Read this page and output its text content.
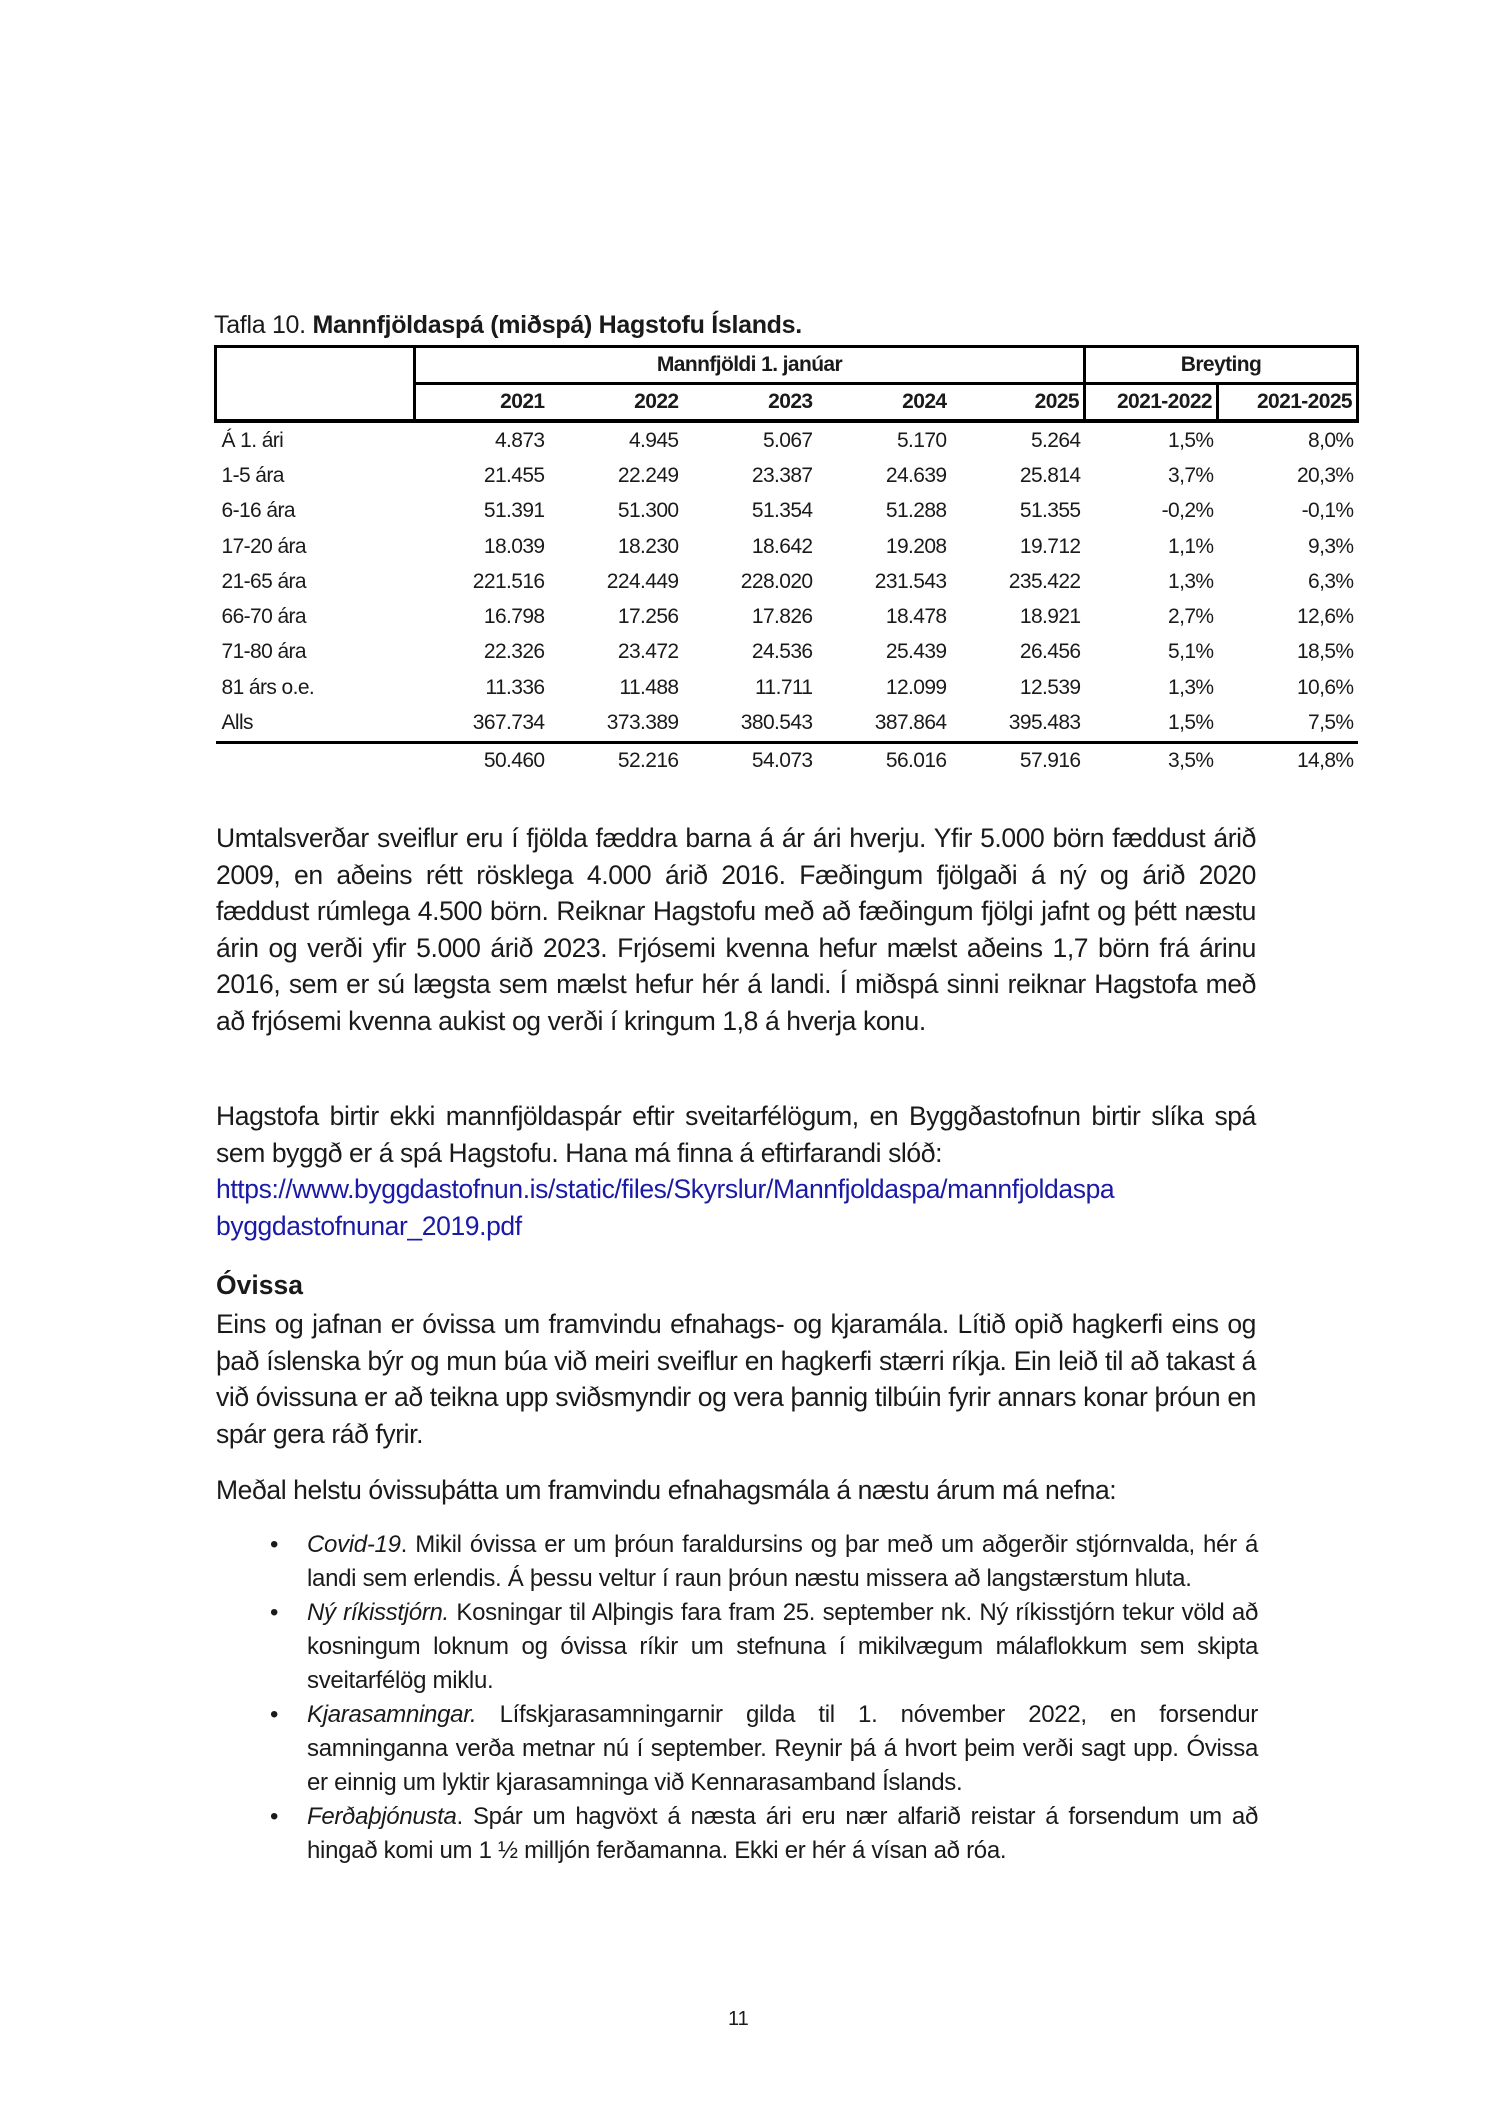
Tafla 10. Mannfjöldaspá (miðspá) Hagstofu Íslands.
	Mannfjöldi 1. janúar					Breyting	
	2021	2022	2023	2024	2025	2021-2022	2021-2025
Á 1. ári	4.873	4.945	5.067	5.170	5.264	1,5%	8,0%
1-5 ára	21.455	22.249	23.387	24.639	25.814	3,7%	20,3%
6-16 ára	51.391	51.300	51.354	51.288	51.355	-0,2%	-0,1%
17-20 ára	18.039	18.230	18.642	19.208	19.712	1,1%	9,3%
21-65 ára	221.516	224.449	228.020	231.543	235.422	1,3%	6,3%
66-70 ára	16.798	17.256	17.826	18.478	18.921	2,7%	12,6%
71-80 ára	22.326	23.472	24.536	25.439	26.456	5,1%	18,5%
81 árs o.e.	11.336	11.488	11.711	12.099	12.539	1,3%	10,6%
Alls	367.734	373.389	380.543	387.864	395.483	1,5%	7,5%
	50.460	52.216	54.073	56.016	57.916	3,5%	14,8%
Umtalsverðar sveiflur eru í fjölda fæddra barna á ár ári hverju. Yfir 5.000 börn fæddust árið 2009, en aðeins rétt rösklega 4.000 árið 2016. Fæðingum fjölgaði á ný og árið 2020 fæddust rúmlega 4.500 börn. Reiknar Hagstofu með að fæðingum fjölgi jafnt og þétt næstu árin og verði yfir 5.000 árið 2023. Frjósemi kvenna hefur mælst aðeins 1,7 börn frá árinu 2016, sem er sú lægsta sem mælst hefur hér á landi. Í miðspá sinni reiknar Hagstofa með að frjósemi kvenna aukist og verði í kringum 1,8 á hverja konu.
Hagstofa birtir ekki mannfjöldaspár eftir sveitarfélögum, en Byggðastofnun birtir slíka spá sem byggð er á spá Hagstofu. Hana má finna á eftirfarandi slóð:
https://www.byggdastofnun.is/static/files/Skyrslur/Mannfjoldaspa/mannfjoldaspa
byggdastofnunar_2019.pdf
Óvissa
Eins og jafnan er óvissa um framvindu efnahags- og kjaramála. Lítið opið hagkerfi eins og það íslenska býr og mun búa við meiri sveiflur en hagkerfi stærri ríkja. Ein leið til að takast á við óvissuna er að teikna upp sviðsmyndir og vera þannig tilbúin fyrir annars konar þróun en spár gera ráð fyrir.
Meðal helstu óvissuþátta um framvindu efnahagsmála á næstu árum má nefna:
• Covid-19. Mikil óvissa er um þróun faraldursins og þar með um aðgerðir stjórnvalda, hér á landi sem erlendis. Á þessu veltur í raun þróun næstu missera að langstærstum hluta.
• Ný ríkisstjórn. Kosningar til Alþingis fara fram 25. september nk. Ný ríkisstjórn tekur völd að kosningum loknum og óvissa ríkir um stefnuna í mikilvægum málaflokkum sem skipta sveitarfélög miklu.
• Kjarasamningar. Lífskjarasamningarnir gilda til 1. nóvember 2022, en forsendur samninganna verða metnar nú í september. Reynir þá á hvort þeim verði sagt upp. Óvissa er einnig um lyktir kjarasamninga við Kennarasamband Íslands.
• Ferðaþjónusta. Spár um hagvöxt á næsta ári eru nær alfarið reistar á forsendum um að hingað komi um 1 ½ milljón ferðamanna. Ekki er hér á vísan að róa.
11
